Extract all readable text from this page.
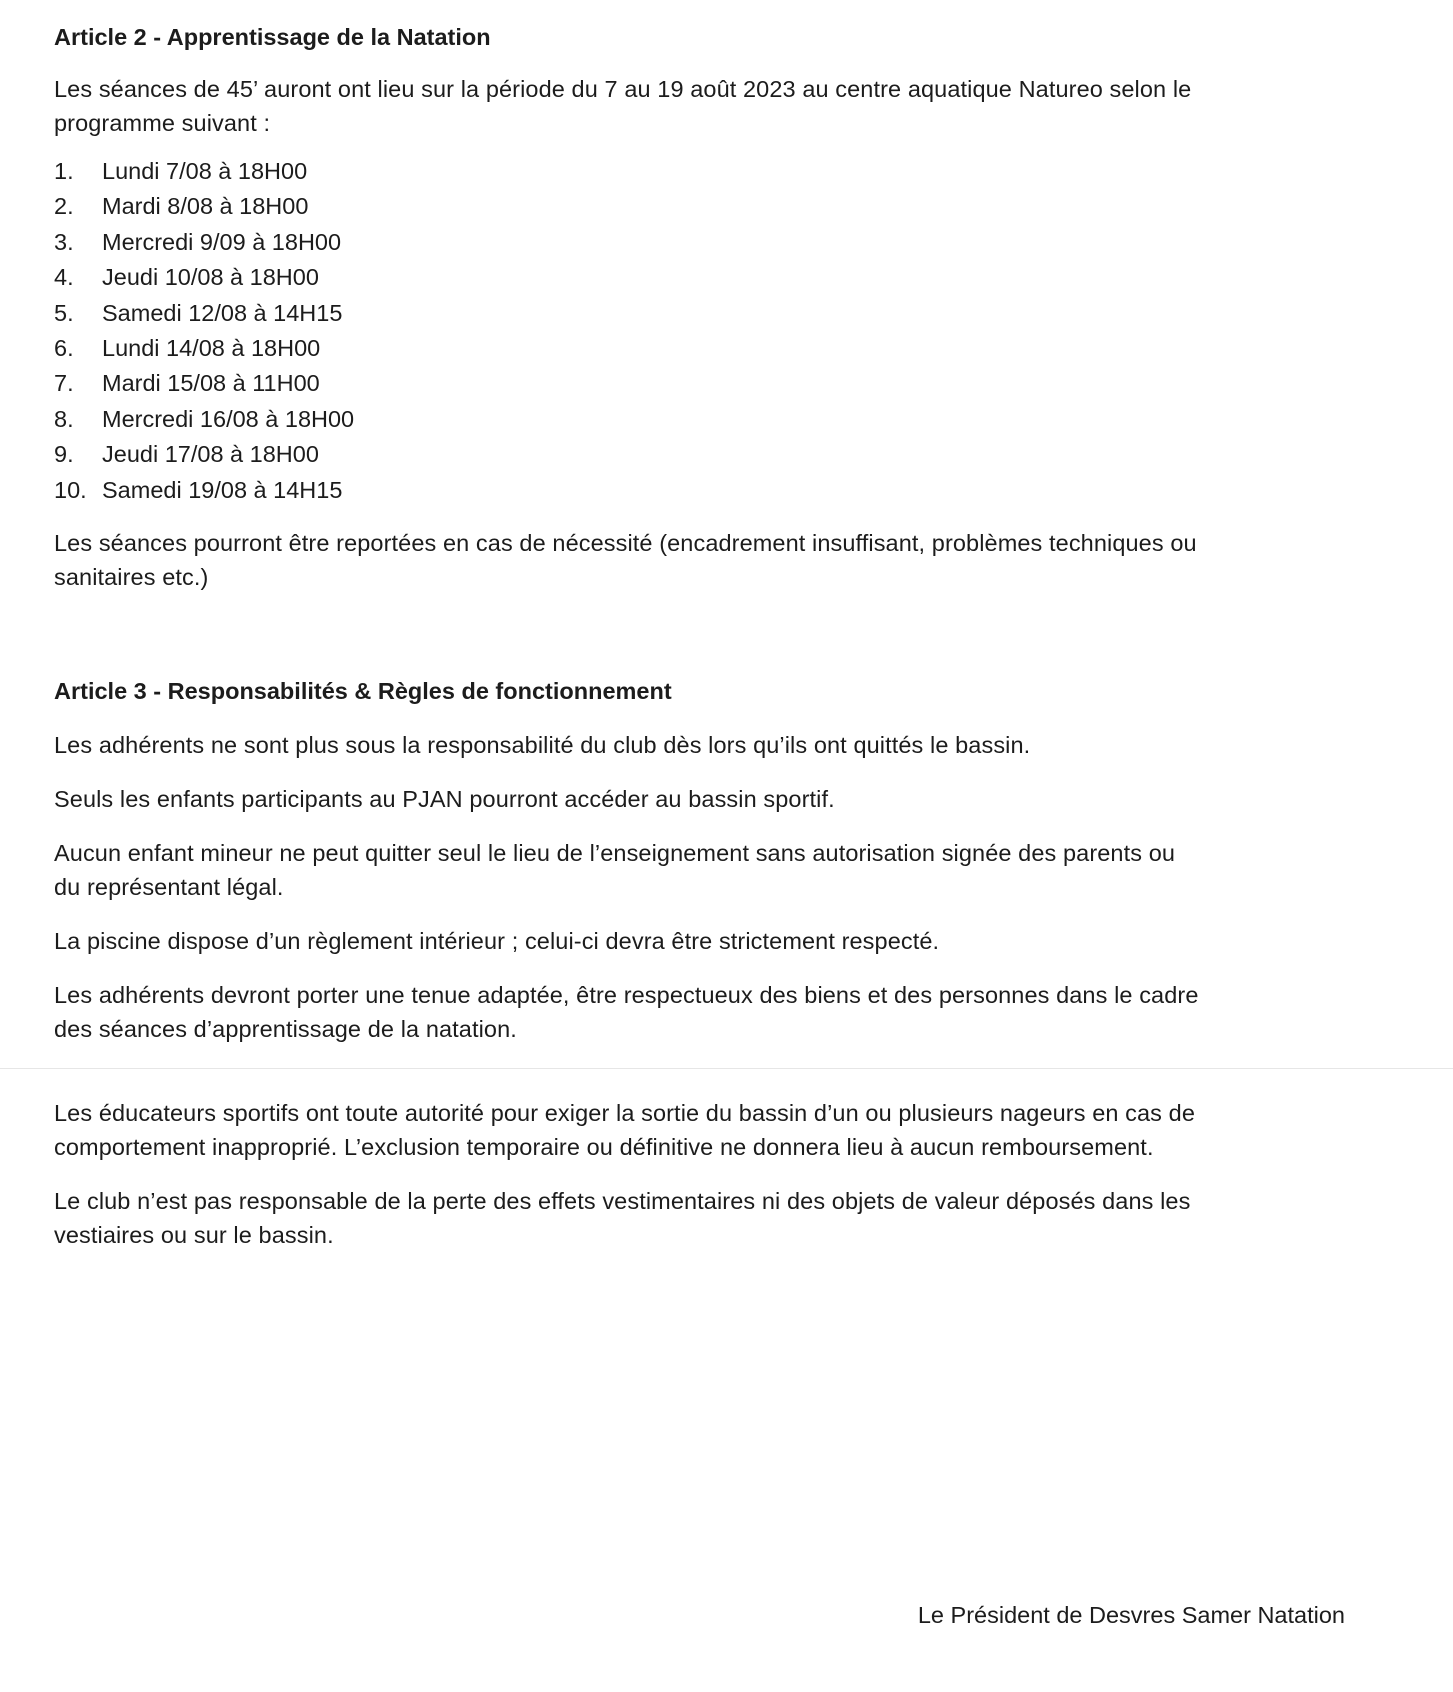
Article 2 - Apprentissage de la Natation

Les séances de 45’ auront ont lieu sur la période du 7 au 19 août 2023 au centre aquatique Natureo selon le
programme suivant :

1.	Lundi 7/08 à 18H00
2.	Mardi 8/08 à 18H00
3.	Mercredi 9/09 à 18H00
4.	Jeudi 10/08 à 18H00
5.	Samedi 12/08 à 14H15
6.	Lundi 14/08 à 18H00
7.	Mardi 15/08 à 11H00
8.	Mercredi 16/08 à 18H00
9.	Jeudi 17/08 à 18H00
10. Samedi 19/08 à 14H15

Les séances pourront être reportées en cas de nécessité (encadrement insuffisant, problèmes techniques ou
sanitaires etc.)

Article 3 - Responsabilités & Règles de fonctionnement

Les adhérents ne sont plus sous la responsabilité du club dès lors qu’ils ont quittés le bassin.

Seuls les enfants participants au PJAN pourront accéder au bassin sportif.

Aucun enfant mineur ne peut quitter seul le lieu de l’enseignement sans autorisation signée des parents ou
du représentant légal.

La piscine dispose d’un règlement intérieur ; celui-ci devra être strictement respecté.

Les adhérents devront porter une tenue adaptée, être respectueux des biens et des personnes dans le cadre
des séances d’apprentissage de la natation.

Les éducateurs sportifs ont toute autorité pour exiger la sortie du bassin d’un ou plusieurs nageurs en cas de
comportement inapproprié. L’exclusion temporaire ou définitive ne donnera lieu à aucun remboursement.

Le club n’est pas responsable de la perte des effets vestimentaires ni des objets de valeur déposés dans les
vestiaires ou sur le bassin.

Le Président de Desvres Samer Natation
